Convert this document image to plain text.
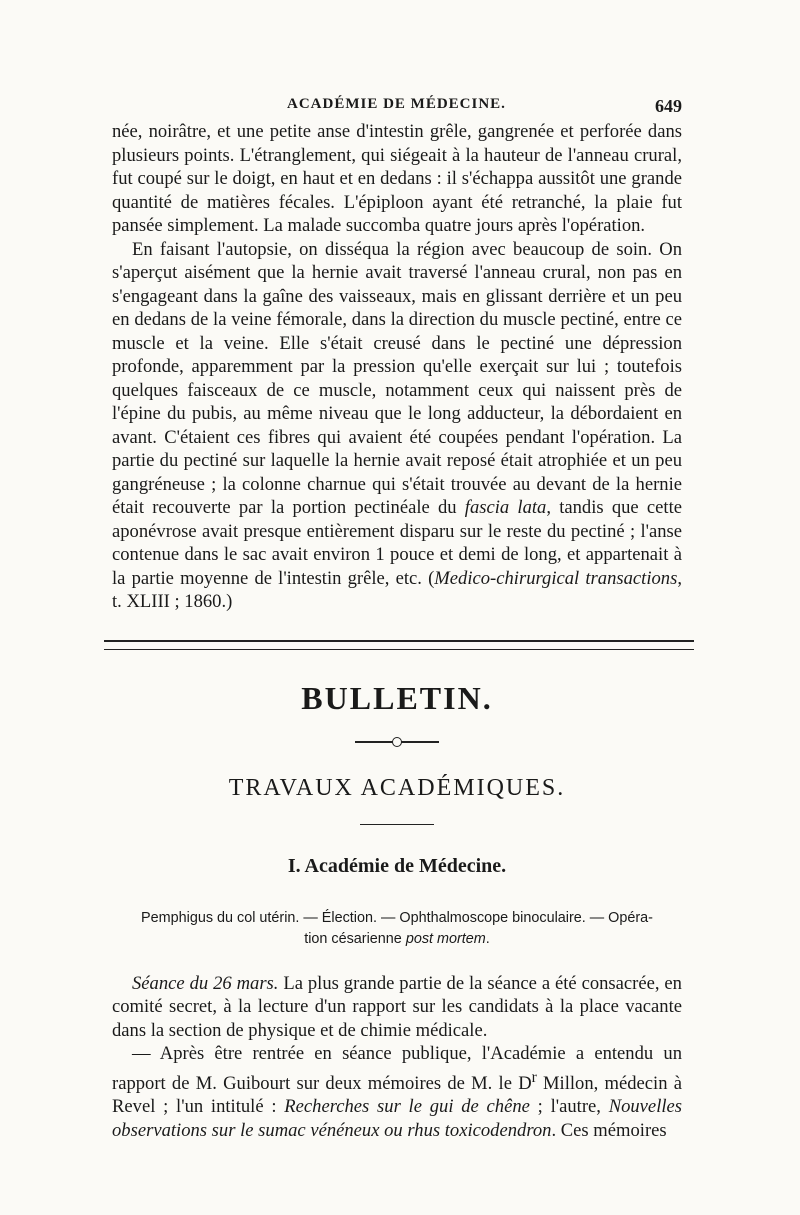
ACADÉMIE DE MÉDECINE.	649

née, noirâtre, et une petite anse d'intestin grêle, gangrenée et perforée dans plusieurs points. L'étranglement, qui siégeait à la hauteur de l'anneau crural, fut coupé sur le doigt, en haut et en dedans : il s'échappa aussitôt une grande quantité de matières fécales. L'épiploon ayant été retranché, la plaie fut pansée simplement. La malade succomba quatre jours après l'opération.

En faisant l'autopsie, on disséqua la région avec beaucoup de soin. On s'aperçut aisément que la hernie avait traversé l'anneau crural, non pas en s'engageant dans la gaîne des vaisseaux, mais en glissant derrière et un peu en dedans de la veine fémorale, dans la direction du muscle pectiné, entre ce muscle et la veine. Elle s'était creusé dans le pectiné une dépression profonde, apparemment par la pression qu'elle exerçait sur lui ; toutefois quelques faisceaux de ce muscle, notamment ceux qui naissent près de l'épine du pubis, au même niveau que le long adducteur, la débordaient en avant. C'étaient ces fibres qui avaient été coupées pendant l'opération. La partie du pectiné sur laquelle la hernie avait reposé était atrophiée et un peu gangréneuse ; la colonne charnue qui s'était trouvée au devant de la hernie était recouverte par la portion pectinéale du fascia lata, tandis que cette aponévrose avait presque entièrement disparu sur le reste du pectiné ; l'anse contenue dans le sac avait environ 1 pouce et demi de long, et appartenait à la partie moyenne de l'intestin grêle, etc. (Medico-chirurgical transactions, t. XLIII ; 1860.)

BULLETIN.
TRAVAUX ACADÉMIQUES.
I. Académie de Médecine.
Pemphigus du col utérin. — Élection. — Ophthalmoscope binoculaire. — Opéra-
tion césarienne post mortem.

Séance du 26 mars. La plus grande partie de la séance a été consacrée, en comité secret, à la lecture d'un rapport sur les candidats à la place vacante dans la section de physique et de chimie médicale.

— Après être rentrée en séance publique, l'Académie a entendu un rapport de M. Guibourt sur deux mémoires de M. le $D^r$ Millon, médecin à Revel ; l'un intitulé : Recherches sur le gui de chêne ; l'autre, Nouvelles observations sur le sumac vénéneux ou rhus toxicodendron. Ces mémoires
